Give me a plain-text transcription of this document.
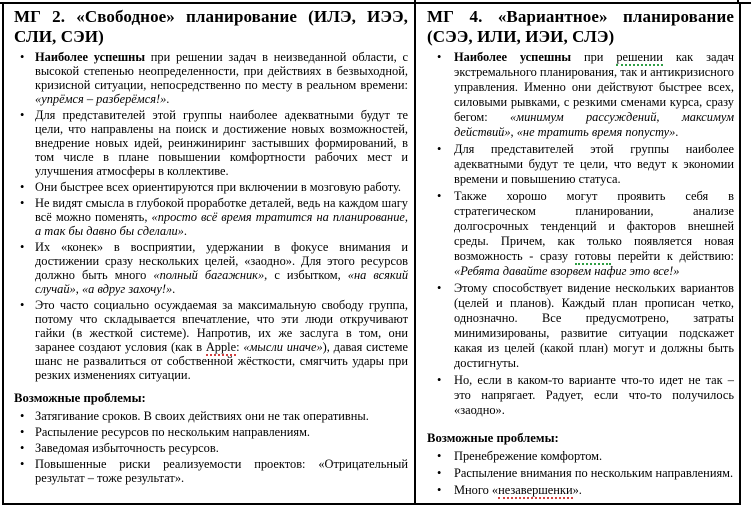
МГ 2. «Свободное» планирование (ИЛЭ, ИЭЭ, СЛИ, СЭИ)
• Наиболее успешны при решении задач в неизведанной области, с высокой степенью неопределенности, при действиях в безвыходной, кризисной ситуации, непосредственно по месту в реальном времени: «упрёмся – разберёмся!».
• Для представителей этой группы наиболее адекватными будут те цели, что направлены на поиск и достижение новых возможностей, внедрение новых идей, реинжиниринг застывших формирований, в том числе в плане повышении комфортности рабочих мест и улучшения атмосферы в коллективе.
• Они быстрее всех ориентируются при включении в мозговую работу.
• Не видят смысла в глубокой проработке деталей, ведь на каждом шагу всё можно поменять, «просто всё время тратится на планирование, а так бы давно бы сделали».
• Их «конек» в восприятии, удержании в фокусе внимания и достижении сразу нескольких целей, «заодно». Для этого ресурсов должно быть много «полный багажник», с избытком, «на всякий случай», «а вдруг захочу!».
• Это часто социально осуждаемая за максимальную свободу группа, потому что складывается впечатление, что эти люди откручивают гайки (в жесткой системе). Напротив, их же заслуга в том, они заранее создают условия (как в Apple: «мысли иначе»), давая системе шанс не развалиться от собственной жёсткости, смягчить удары при резких изменениях ситуации.
Возможные проблемы:
• Затягивание сроков. В своих действиях они не так оперативны.
• Распыление ресурсов по нескольким направлениям.
• Заведомая избыточность ресурсов.
• Повышенные риски реализуемости проектов: «Отрицательный результат – тоже результат».
МГ 4. «Вариантное» планирование (СЭЭ, ИЛИ, ИЭИ, СЛЭ)
• Наиболее успешны при решении как задач экстремального планирования, так и антикризисного управления. Именно они действуют быстрее всех, силовыми рывками, с резкими сменами курса, сразу бегом: «минимум рассуждений, максимум действий», «не тратить время попусту».
• Для представителей этой группы наиболее адекватными будут те цели, что ведут к экономии времени и повышению статуса.
• Также хорошо могут проявить себя в стратегическом планировании, анализе долгосрочных тенденций и факторов внешней среды. Причем, как только появляется новая возможность - сразу готовы перейти к действию: «Ребята давайте взорвем нафиг это все!»
• Этому способствует видение нескольких вариантов (целей и планов). Каждый план прописан четко, однозначно. Все предусмотрено, затраты минимизированы, развитие ситуации подскажет какая из целей (какой план) могут и должны быть достигнуты.
• Но, если в каком-то варианте что-то идет не так – это напрягает. Радует, если что-то получилось «заодно».
Возможные проблемы:
• Пренебрежение комфортом.
• Распыление внимания по нескольким направлениям.
• Много «незавершенки».
